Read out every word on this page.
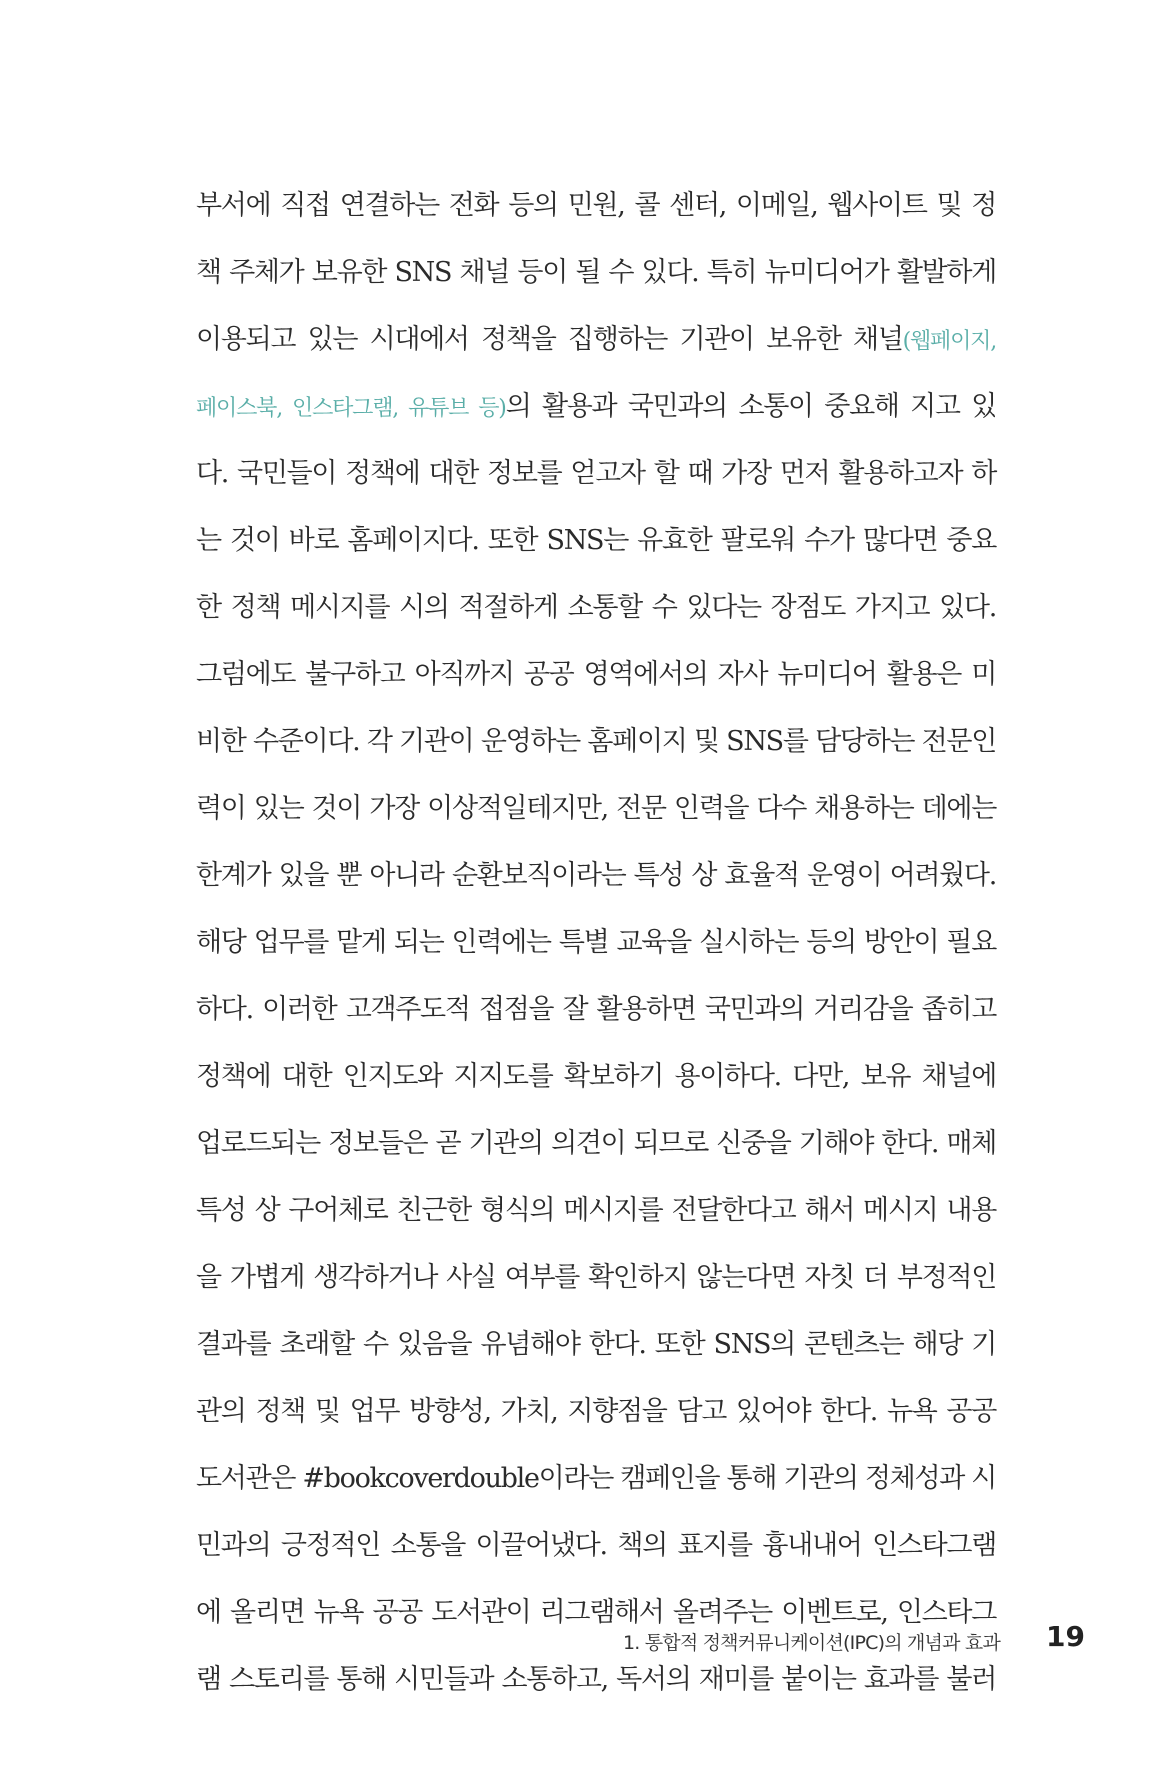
부서에 직접 연결하는 전화 등의 민원, 콜 센터, 이메일, 웹사이트 및 정
책 주체가 보유한 SNS 채널 등이 될 수 있다. 특히 뉴미디어가 활발하게
이용되고 있는 시대에서 정책을 집행하는 기관이 보유한 채널(웹페이지,
페이스북, 인스타그램, 유튜브 등)의 활용과 국민과의 소통이 중요해 지고 있
다. 국민들이 정책에 대한 정보를 얻고자 할 때 가장 먼저 활용하고자 하
는 것이 바로 홈페이지다. 또한 SNS는 유효한 팔로워 수가 많다면 중요
한 정책 메시지를 시의 적절하게 소통할 수 있다는 장점도 가지고 있다.
그럼에도 불구하고 아직까지 공공 영역에서의 자사 뉴미디어 활용은 미
비한 수준이다. 각 기관이 운영하는 홈페이지 및 SNS를 담당하는 전문인
력이 있는 것이 가장 이상적일테지만, 전문 인력을 다수 채용하는 데에는
한계가 있을 뿐 아니라 순환보직이라는 특성 상 효율적 운영이 어려웠다.
해당 업무를 맡게 되는 인력에는 특별 교육을 실시하는 등의 방안이 필요
하다. 이러한 고객주도적 접점을 잘 활용하면 국민과의 거리감을 좁히고
정책에 대한 인지도와 지지도를 확보하기 용이하다. 다만, 보유 채널에
업로드되는 정보들은 곧 기관의 의견이 되므로 신중을 기해야 한다. 매체
특성 상 구어체로 친근한 형식의 메시지를 전달한다고 해서 메시지 내용
을 가볍게 생각하거나 사실 여부를 확인하지 않는다면 자칫 더 부정적인
결과를 초래할 수 있음을 유념해야 한다. 또한 SNS의 콘텐츠는 해당 기
관의 정책 및 업무 방향성, 가치, 지향점을 담고 있어야 한다. 뉴욕 공공
도서관은 #bookcoverdouble이라는 캠페인을 통해 기관의 정체성과 시
민과의 긍정적인 소통을 이끌어냈다. 책의 표지를 흉내내어 인스타그램
에 올리면 뉴욕 공공 도서관이 리그램해서 올려주는 이벤트로, 인스타그
램 스토리를 통해 시민들과 소통하고, 독서의 재미를 붙이는 효과를 불러
1. 통합적 정책커뮤니케이션(IPC)의 개념과 효과 19
